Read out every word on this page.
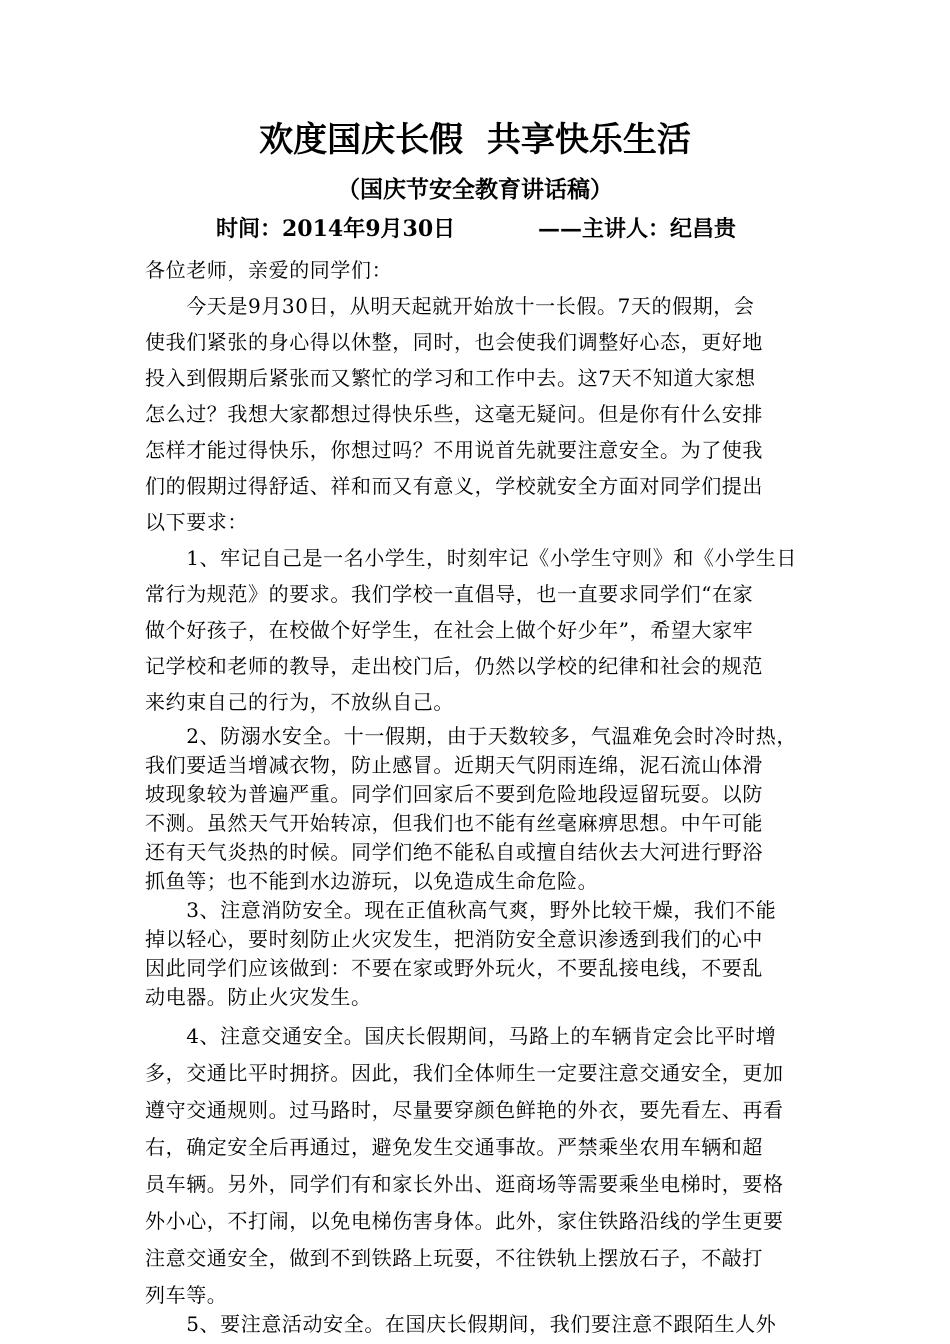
欢度国庆长假  共享快乐生活
（国庆节安全教育讲话稿）
时间：2014年9月30日	——主讲人：纪昌贵
各位老师，亲爱的同学们：
　　今天是9月30日，从明天起就开始放十一长假。7天的假期，会
使我们紧张的身心得以休整，同时，也会使我们调整好心态，更好地
投入到假期后紧张而又繁忙的学习和工作中去。这7天不知道大家想
怎么过？我想大家都想过得快乐些，这毫无疑问。但是你有什么安排
怎样才能过得快乐，你想过吗？不用说首先就要注意安全。为了使我
们的假期过得舒适、祥和而又有意义，学校就安全方面对同学们提出
以下要求：
　　1、牢记自己是一名小学生，时刻牢记《小学生守则》和《小学生日
常行为规范》的要求。我们学校一直倡导，也一直要求同学们“在家
做个好孩子，在校做个好学生，在社会上做个好少年”，希望大家牢
记学校和老师的教导，走出校门后，仍然以学校的纪律和社会的规范
来约束自己的行为，不放纵自己。
　　2、防溺水安全。十一假期，由于天数较多，气温难免会时冷时热，
我们要适当增减衣物，防止感冒。近期天气阴雨连绵，泥石流山体滑
坡现象较为普遍严重。同学们回家后不要到危险地段逗留玩耍。以防
不测。虽然天气开始转凉，但我们也不能有丝毫麻痹思想。中午可能
还有天气炎热的时候。同学们绝不能私自或擅自结伙去大河进行野浴
抓鱼等；也不能到水边游玩，以免造成生命危险。
　　3、注意消防安全。现在正值秋高气爽，野外比较干燥，我们不能
掉以轻心，要时刻防止火灾发生，把消防安全意识渗透到我们的心中
因此同学们应该做到：不要在家或野外玩火，不要乱接电线，不要乱
动电器。防止火灾发生。
　　4、注意交通安全。国庆长假期间，马路上的车辆肯定会比平时增
多，交通比平时拥挤。因此，我们全体师生一定要注意交通安全，更加
遵守交通规则。过马路时，尽量要穿颜色鲜艳的外衣，要先看左、再看
右，确定安全后再通过，避免发生交通事故。严禁乘坐农用车辆和超
员车辆。另外，同学们有和家长外出、逛商场等需要乘坐电梯时，要格
外小心，不打闹，以免电梯伤害身体。此外，家住铁路沿线的学生更要
注意交通安全，做到不到铁路上玩耍，不往铁轨上摆放石子，不敲打
列车等。
　　5、要注意活动安全。在国庆长假期间，我们要注意不跟陌生人外
